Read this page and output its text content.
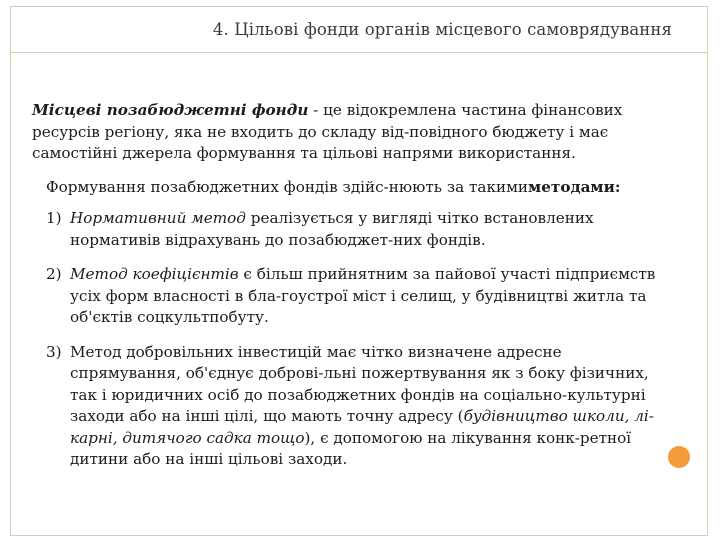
4. Цільові фонди органів місцевого самоврядування

Місцеві позабюджетні фонди - це відокремлена частина фінансових ресурсів регіону, яка не входить до складу від-повідного бюджету і має самостійні джерела формування та цільові напрями використання.

Формування позабюджетних фондів здійс-нюють за такимиметодами:

1) Нормативний метод реалізується у вигляді чітко встановлених нормативів відрахувань до позабюджет-них фондів.
2) Метод коефіцієнтів є більш прийнятним за пайової участі підприємств усіх форм власності в бла-гоустрої міст і селищ, у будівництві житла та об'єктів соцкультпобуту.
3) Метод добровільних інвестицій має чітко визначене адресне спрямування, об'єднує доброві-льні пожертвування як з боку фізичних, так і юридичних осіб до позабюджетних фондів на соціально-культурні заходи або на інші цілі, що мають точну адресу (будівництво школи, лі-карні, дитячого садка тощо), є допомогою на лікування конк-ретної дитини або на інші цільові заходи.
